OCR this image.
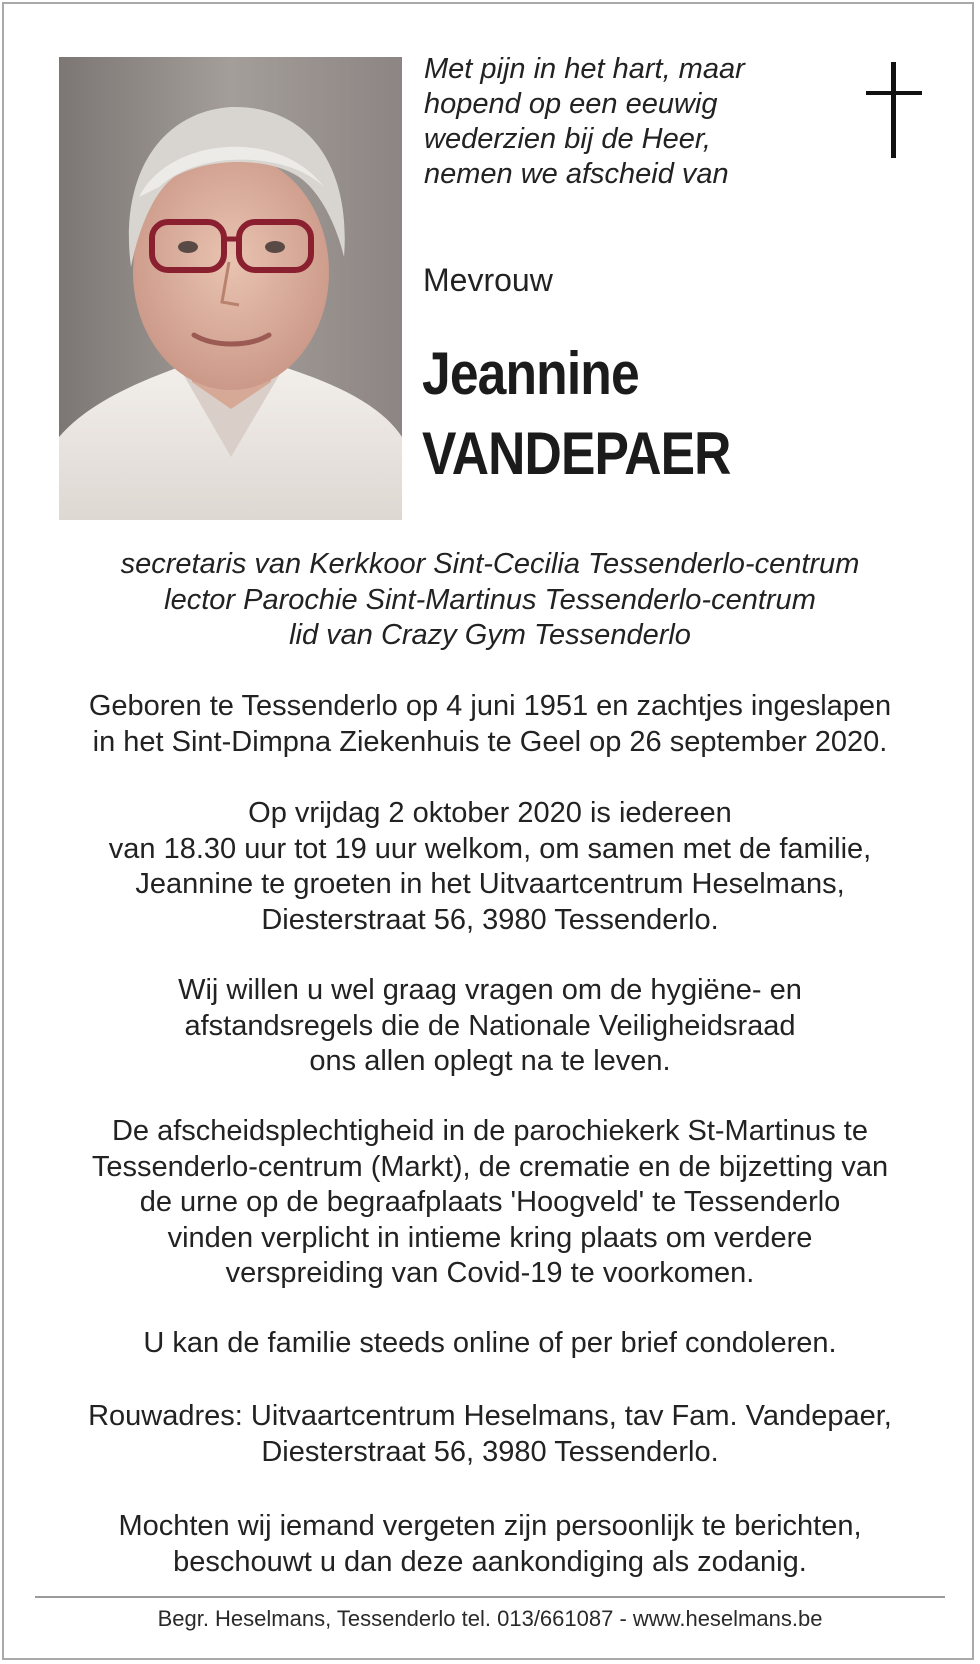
Met pijn in het hart, maar
hopend op een eeuwig
wederzien bij de Heer,
nemen we afscheid van
Mevrouw
Jeannine
VANDEPAER
secretaris van Kerkkoor Sint-Cecilia Tessenderlo-centrum
lector Parochie Sint-Martinus Tessenderlo-centrum
lid van Crazy Gym Tessenderlo
Geboren te Tessenderlo op 4 juni 1951 en zachtjes ingeslapen
in het Sint-Dimpna Ziekenhuis te Geel op 26 september 2020.
Op vrijdag 2 oktober 2020 is iedereen
van 18.30 uur tot 19 uur welkom, om samen met de familie,
Jeannine te groeten in het Uitvaartcentrum Heselmans,
Diesterstraat 56, 3980 Tessenderlo.
Wij willen u wel graag vragen om de hygiëne- en
afstandsregels die de Nationale Veiligheidsraad
ons allen oplegt na te leven.
De afscheidsplechtigheid in de parochiekerk St-Martinus te
Tessenderlo-centrum (Markt), de crematie en de bijzetting van
de urne op de begraafplaats 'Hoogveld' te Tessenderlo
vinden verplicht in intieme kring plaats om verdere
verspreiding van Covid-19 te voorkomen.
U kan de familie steeds online of per brief condoleren.
Rouwadres: Uitvaartcentrum Heselmans, tav Fam. Vandepaer,
Diesterstraat 56, 3980 Tessenderlo.
Mochten wij iemand vergeten zijn persoonlijk te berichten,
beschouwt u dan deze aankondiging als zodanig.
Begr. Heselmans, Tessenderlo tel. 013/661087 - www.heselmans.be
